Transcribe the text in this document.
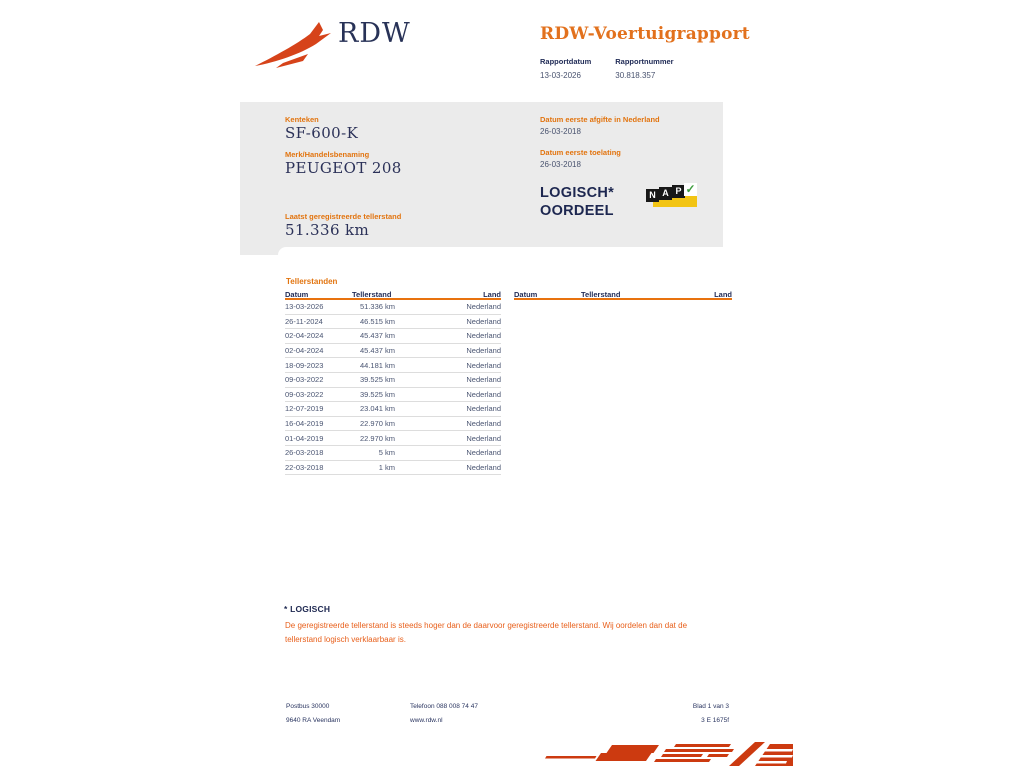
RDW	RDW-Voertuigrapport
Rapportdatum
13-03-2026
Rapportnummer
30.818.357
Kenteken
SF-600-K
Merk/Handelsbenaming
PEUGEOT 208
Laatst geregistreerde tellerstand
51.336 km
Datum eerste afgifte in Nederland
26-03-2018
Datum eerste toelating
26-03-2018
LOGISCH*
OORDEEL
N A P ✓
Tellerstanden
Datum	Tellerstand	Land
13-03-2026	51.336 km	Nederland
26-11-2024	46.515 km	Nederland
02-04-2024	45.437 km	Nederland
02-04-2024	45.437 km	Nederland
18-09-2023	44.181 km	Nederland
09-03-2022	39.525 km	Nederland
09-03-2022	39.525 km	Nederland
12-07-2019	23.041 km	Nederland
16-04-2019	22.970 km	Nederland
01-04-2019	22.970 km	Nederland
26-03-2018	5 km	Nederland
22-03-2018	1 km	Nederland
Datum	Tellerstand	Land
* LOGISCH
De geregistreerde tellerstand is steeds hoger dan de daarvoor geregistreerde tellerstand. Wij oordelen dan dat de tellerstand logisch verklaarbaar is.
Postbus 30000
9640 RA Veendam
Telefoon 088 008 74 47
www.rdw.nl
Blad 1 van 3
3 E 1675f
